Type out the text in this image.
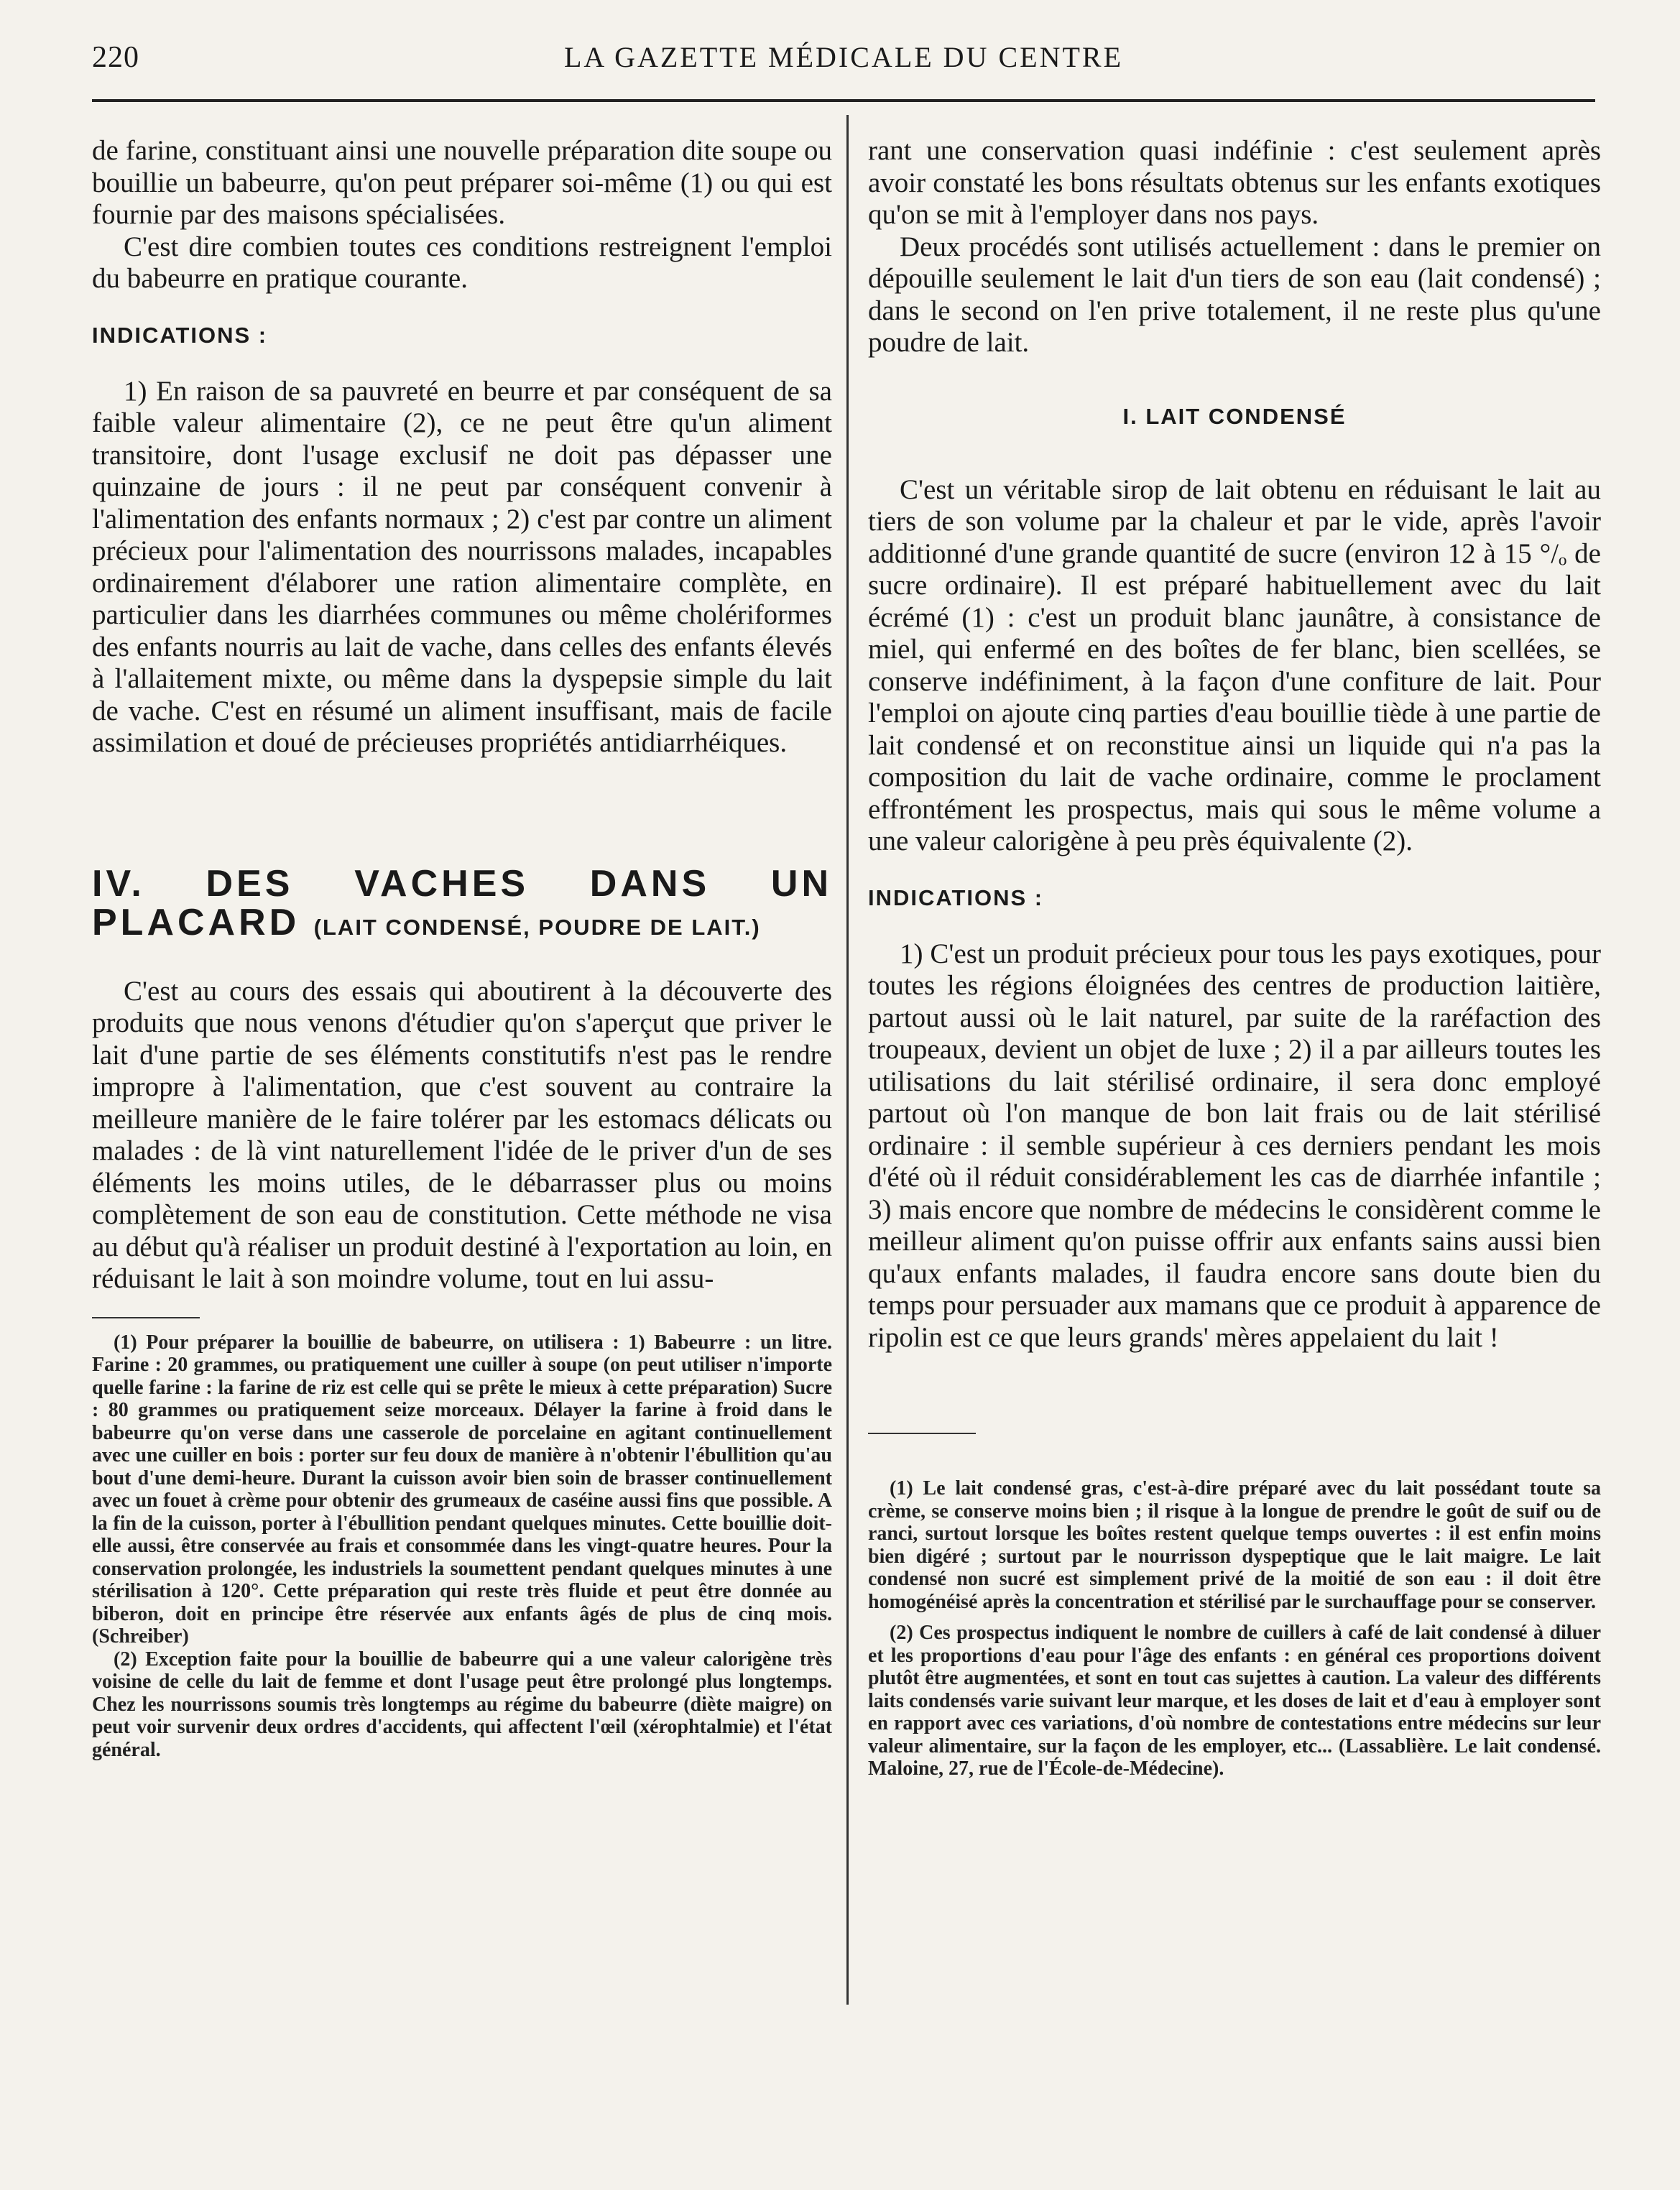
220	LA GAZETTE MÉDICALE DU CENTRE

de farine, constituant ainsi une nouvelle préparation dite soupe ou bouillie un babeurre, qu'on peut préparer soi-même (1) ou qui est fournie par des maisons spécialisées.

C'est dire combien toutes ces conditions restreignent l'emploi du babeurre en pratique courante.

INDICATIONS :

1) En raison de sa pauvreté en beurre et par conséquent de sa faible valeur alimentaire (2), ce ne peut être qu'un aliment transitoire, dont l'usage exclusif ne doit pas dépasser une quinzaine de jours : il ne peut par conséquent convenir à l'alimentation des enfants normaux ; 2) c'est par contre un aliment précieux pour l'alimentation des nourrissons malades, incapables ordinairement d'élaborer une ration alimentaire complète, en particulier dans les diarrhées communes ou même cholériformes des enfants nourris au lait de vache, dans celles des enfants élevés à l'allaitement mixte, ou même dans la dyspepsie simple du lait de vache. C'est en résumé un aliment insuffisant, mais de facile assimilation et doué de précieuses propriétés antidiarrhéiques.

IV. DES VACHES DANS UN PLACARD (LAIT CONDENSÉ, POUDRE DE LAIT.)

C'est au cours des essais qui aboutirent à la découverte des produits que nous venons d'étudier qu'on s'aperçut que priver le lait d'une partie de ses éléments constitutifs n'est pas le rendre impropre à l'alimentation, que c'est souvent au contraire la meilleure manière de le faire tolérer par les estomacs délicats ou malades : de là vint naturellement l'idée de le priver d'un de ses éléments les moins utiles, de le débarrasser plus ou moins complètement de son eau de constitution. Cette méthode ne visa au début qu'à réaliser un produit destiné à l'exportation au loin, en réduisant le lait à son moindre volume, tout en lui assu-

(1) Pour préparer la bouillie de babeurre, on utilisera : 1) Babeurre : un litre. Farine : 20 grammes, ou pratiquement une cuiller à soupe (on peut utiliser n'importe quelle farine : la farine de riz est celle qui se prête le mieux à cette préparation) Sucre : 80 grammes ou pratiquement seize morceaux. Délayer la farine à froid dans le babeurre qu'on verse dans une casserole de porcelaine en agitant continuellement avec une cuiller en bois : porter sur feu doux de manière à n'obtenir l'ébullition qu'au bout d'une demi-heure. Durant la cuisson avoir bien soin de brasser continuellement avec un fouet à crème pour obtenir des grumeaux de caséine aussi fins que possible. A la fin de la cuisson, porter à l'ébullition pendant quelques minutes. Cette bouillie doit-elle aussi, être conservée au frais et consommée dans les vingt-quatre heures. Pour la conservation prolongée, les industriels la soumettent pendant quelques minutes à une stérilisation à 120°. Cette préparation qui reste très fluide et peut être donnée au biberon, doit en principe être réservée aux enfants âgés de plus de cinq mois. (Schreiber)

(2) Exception faite pour la bouillie de babeurre qui a une valeur calorigène très voisine de celle du lait de femme et dont l'usage peut être prolongé plus longtemps. Chez les nourrissons soumis très longtemps au régime du babeurre (diète maigre) on peut voir survenir deux ordres d'accidents, qui affectent l'œil (xérophtalmie) et l'état général.

rant une conservation quasi indéfinie : c'est seulement après avoir constaté les bons résultats obtenus sur les enfants exotiques qu'on se mit à l'employer dans nos pays.

Deux procédés sont utilisés actuellement : dans le premier on dépouille seulement le lait d'un tiers de son eau (lait condensé) ; dans le second on l'en prive totalement, il ne reste plus qu'une poudre de lait.

I. LAIT CONDENSÉ

C'est un véritable sirop de lait obtenu en réduisant le lait au tiers de son volume par la chaleur et par le vide, après l'avoir additionné d'une grande quantité de sucre (environ 12 à 15 °/ₒ de sucre ordinaire). Il est préparé habituellement avec du lait écrémé (1) : c'est un produit blanc jaunâtre, à consistance de miel, qui enfermé en des boîtes de fer blanc, bien scellées, se conserve indéfiniment, à la façon d'une confiture de lait. Pour l'emploi on ajoute cinq parties d'eau bouillie tiède à une partie de lait condensé et on reconstitue ainsi un liquide qui n'a pas la composition du lait de vache ordinaire, comme le proclament effrontément les prospectus, mais qui sous le même volume a une valeur calorigène à peu près équivalente (2).

INDICATIONS :

1) C'est un produit précieux pour tous les pays exotiques, pour toutes les régions éloignées des centres de production laitière, partout aussi où le lait naturel, par suite de la raréfaction des troupeaux, devient un objet de luxe ; 2) il a par ailleurs toutes les utilisations du lait stérilisé ordinaire, il sera donc employé partout où l'on manque de bon lait frais ou de lait stérilisé ordinaire : il semble supérieur à ces derniers pendant les mois d'été où il réduit considérablement les cas de diarrhée infantile ; 3) mais encore que nombre de médecins le considèrent comme le meilleur aliment qu'on puisse offrir aux enfants sains aussi bien qu'aux enfants malades, il faudra encore sans doute bien du temps pour persuader aux mamans que ce produit à apparence de ripolin est ce que leurs grands' mères appelaient du lait !

(1) Le lait condensé gras, c'est-à-dire préparé avec du lait possédant toute sa crème, se conserve moins bien ; il risque à la longue de prendre le goût de suif ou de ranci, surtout lorsque les boîtes restent quelque temps ouvertes : il est enfin moins bien digéré ; surtout par le nourrisson dyspeptique que le lait maigre. Le lait condensé non sucré est simplement privé de la moitié de son eau : il doit être homogénéisé après la concentration et stérilisé par le surchauffage pour se conserver.

(2) Ces prospectus indiquent le nombre de cuillers à café de lait condensé à diluer et les proportions d'eau pour l'âge des enfants : en général ces proportions doivent plutôt être augmentées, et sont en tout cas sujettes à caution. La valeur des différents laits condensés varie suivant leur marque, et les doses de lait et d'eau à employer sont en rapport avec ces variations, d'où nombre de contestations entre médecins sur leur valeur alimentaire, sur la façon de les employer, etc... (Lassablière. Le lait condensé. Maloine, 27, rue de l'École-de-Médecine).
